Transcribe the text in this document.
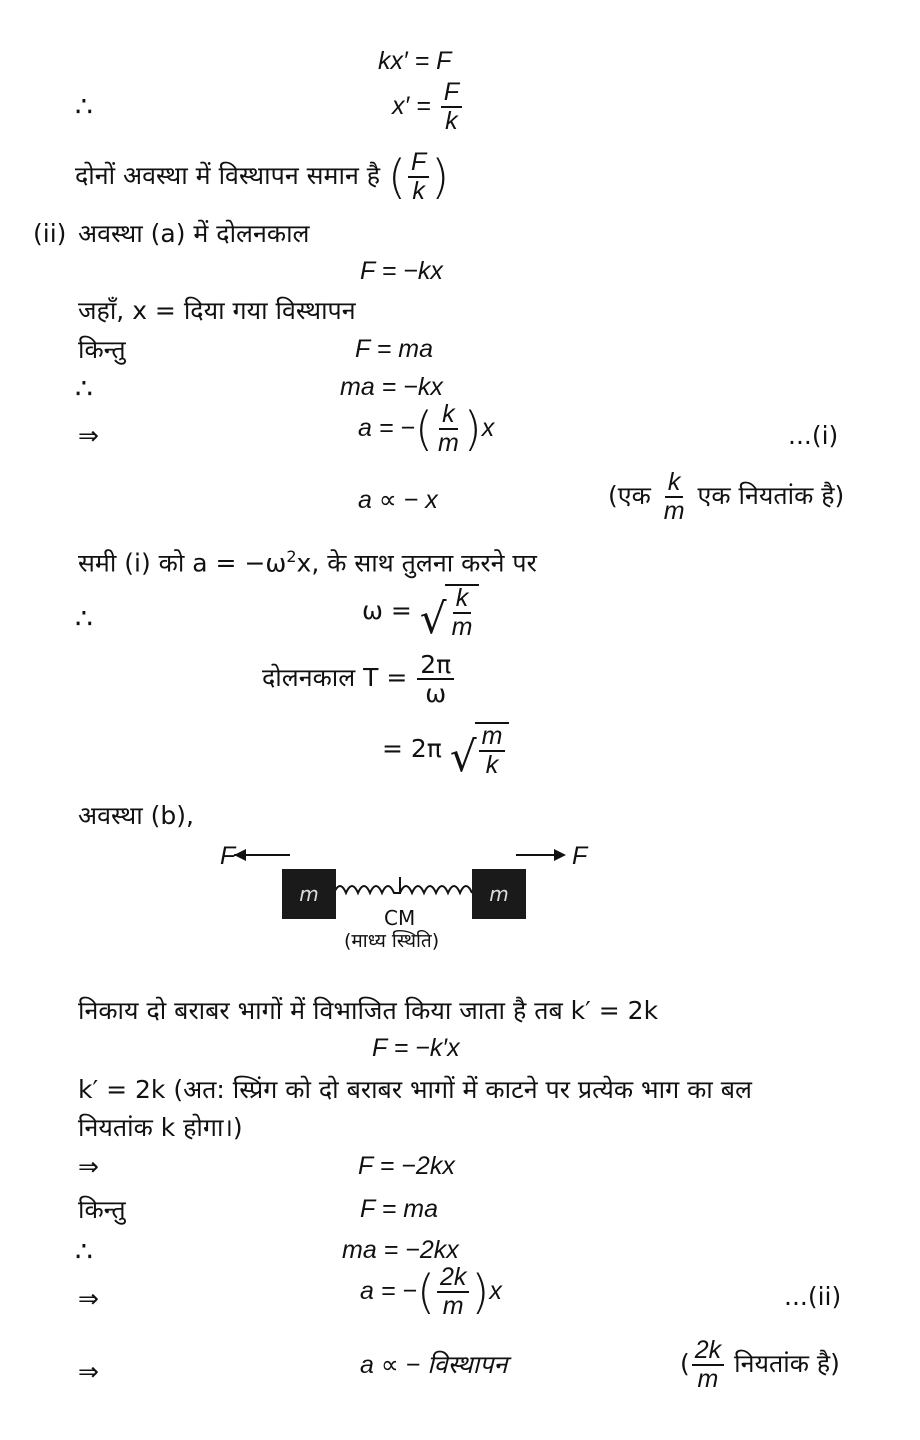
kx′ = F
∴	$x' = \frac{F}{k}$
दोनों अवस्था में विस्थापन समान है ( $\frac{F}{k}$ )
(ii) अवस्था (a) में दोलनकाल
F = −kx
जहाँ, x = दिया गया विस्थापन
किन्तु	F = ma
∴	ma = −kx
⇒	a = −( $\frac{k}{m} )x$	...(i)
a ∝ − x	(एक $\frac{k}{m}$ एक नियतांक है)
समी (i) को $a = -\omega^2x$, के साथ तुलना करने पर
∴	ω = √ $\frac{k}{m}$
दोलनकाल $T = \frac{2\pi}{\omega}$
= 2π √ $\frac{m}{k}$
अवस्था (b),
F	F
m	m
CM
(माध्य स्थिति)
निकाय दो बराबर भागों में विभाजित किया जाता है तब k′ = 2k
F = −k′x
k′ = 2k (अत: स्प्रिंग को दो बराबर भागों में काटने पर प्रत्येक भाग का बल
नियतांक k होगा।)
⇒	F = −2kx
किन्तु	F = ma
∴	ma = −2kx
⇒	a = −( $\frac{2k}{m} )x$	...(ii)
⇒	a ∝ − विस्थापन	( $\frac{2k}{m}$ नियतांक है)
